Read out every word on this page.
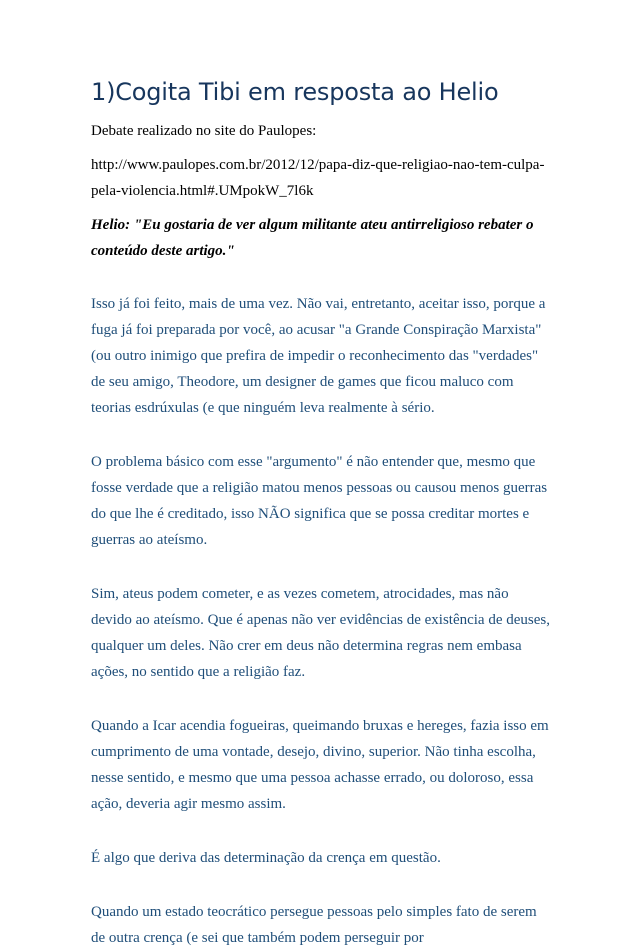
1)Cogita Tibi em resposta ao Helio

Debate realizado no site do Paulopes:

http://www.paulopes.com.br/2012/12/papa-diz-que-religiao-nao-tem-culpa-pela-violencia.html#.UMpokW_7l6k

Helio: "Eu gostaria de ver algum militante ateu antirreligioso rebater o conteúdo deste artigo."

Isso já foi feito, mais de uma vez. Não vai, entretanto, aceitar isso, porque a fuga já foi preparada por você, ao acusar "a Grande Conspiração Marxista" (ou outro inimigo que prefira de impedir o reconhecimento das "verdades" de seu amigo, Theodore, um designer de games que ficou maluco com teorias esdrúxulas (e que ninguém leva realmente à sério.

O problema básico com esse "argumento" é não entender que, mesmo que fosse verdade que a religião matou menos pessoas ou causou menos guerras do que lhe é creditado, isso NÃO significa que se possa creditar mortes e guerras ao ateísmo.

Sim, ateus podem cometer, e as vezes cometem, atrocidades, mas não devido ao ateísmo. Que é apenas não ver evidências de existência de deuses, qualquer um deles. Não crer em deus não determina regras nem embasa ações, no sentido que a religião faz.

Quando a Icar acendia fogueiras, queimando bruxas e hereges, fazia isso em cumprimento de uma vontade, desejo, divino, superior. Não tinha escolha, nesse sentido, e mesmo que uma pessoa achasse errado, ou doloroso, essa ação, deveria agir mesmo assim.

É algo que deriva das determinação da crença em questão.

Quando um estado teocrático persegue pessoas pelo simples fato de serem de outra crença (e sei que também podem perseguir por
